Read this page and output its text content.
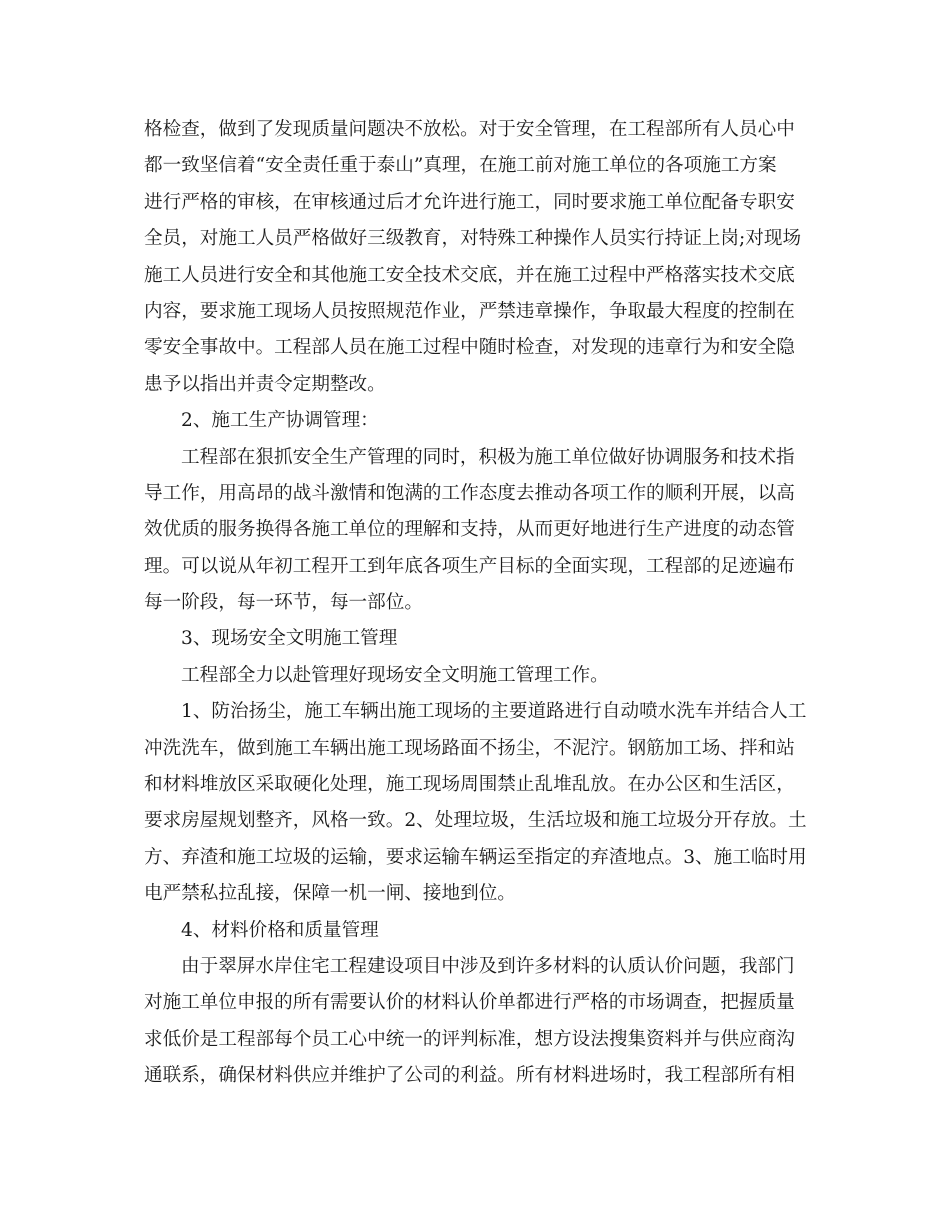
格检查，做到了发现质量问题决不放松。对于安全管理，在工程部所有人员心中
都一致坚信着“安全责任重于泰山”真理，在施工前对施工单位的各项施工方案
进行严格的审核，在审核通过后才允许进行施工，同时要求施工单位配备专职安
全员，对施工人员严格做好三级教育，对特殊工种操作人员实行持证上岗;对现场
施工人员进行安全和其他施工安全技术交底，并在施工过程中严格落实技术交底
内容，要求施工现场人员按照规范作业，严禁违章操作，争取最大程度的控制在
零安全事故中。工程部人员在施工过程中随时检查，对发现的违章行为和安全隐
患予以指出并责令定期整改。
2、施工生产协调管理：
工程部在狠抓安全生产管理的同时，积极为施工单位做好协调服务和技术指
导工作，用高昂的战斗激情和饱满的工作态度去推动各项工作的顺利开展，以高
效优质的服务换得各施工单位的理解和支持，从而更好地进行生产进度的动态管
理。可以说从年初工程开工到年底各项生产目标的全面实现，工程部的足迹遍布
每一阶段，每一环节，每一部位。
3、现场安全文明施工管理
工程部全力以赴管理好现场安全文明施工管理工作。
1、防治扬尘，施工车辆出施工现场的主要道路进行自动喷水洗车并结合人工
冲洗洗车，做到施工车辆出施工现场路面不扬尘，不泥泞。钢筋加工场、拌和站
和材料堆放区采取硬化处理，施工现场周围禁止乱堆乱放。在办公区和生活区，
要求房屋规划整齐，风格一致。2、处理垃圾，生活垃圾和施工垃圾分开存放。土
方、弃渣和施工垃圾的运输，要求运输车辆运至指定的弃渣地点。3、施工临时用
电严禁私拉乱接，保障一机一闸、接地到位。
4、材料价格和质量管理
由于翠屏水岸住宅工程建设项目中涉及到许多材料的认质认价问题，我部门
对施工单位申报的所有需要认价的材料认价单都进行严格的市场调查，把握质量
求低价是工程部每个员工心中统一的评判标准，想方设法搜集资料并与供应商沟
通联系，确保材料供应并维护了公司的利益。所有材料进场时，我工程部所有相
